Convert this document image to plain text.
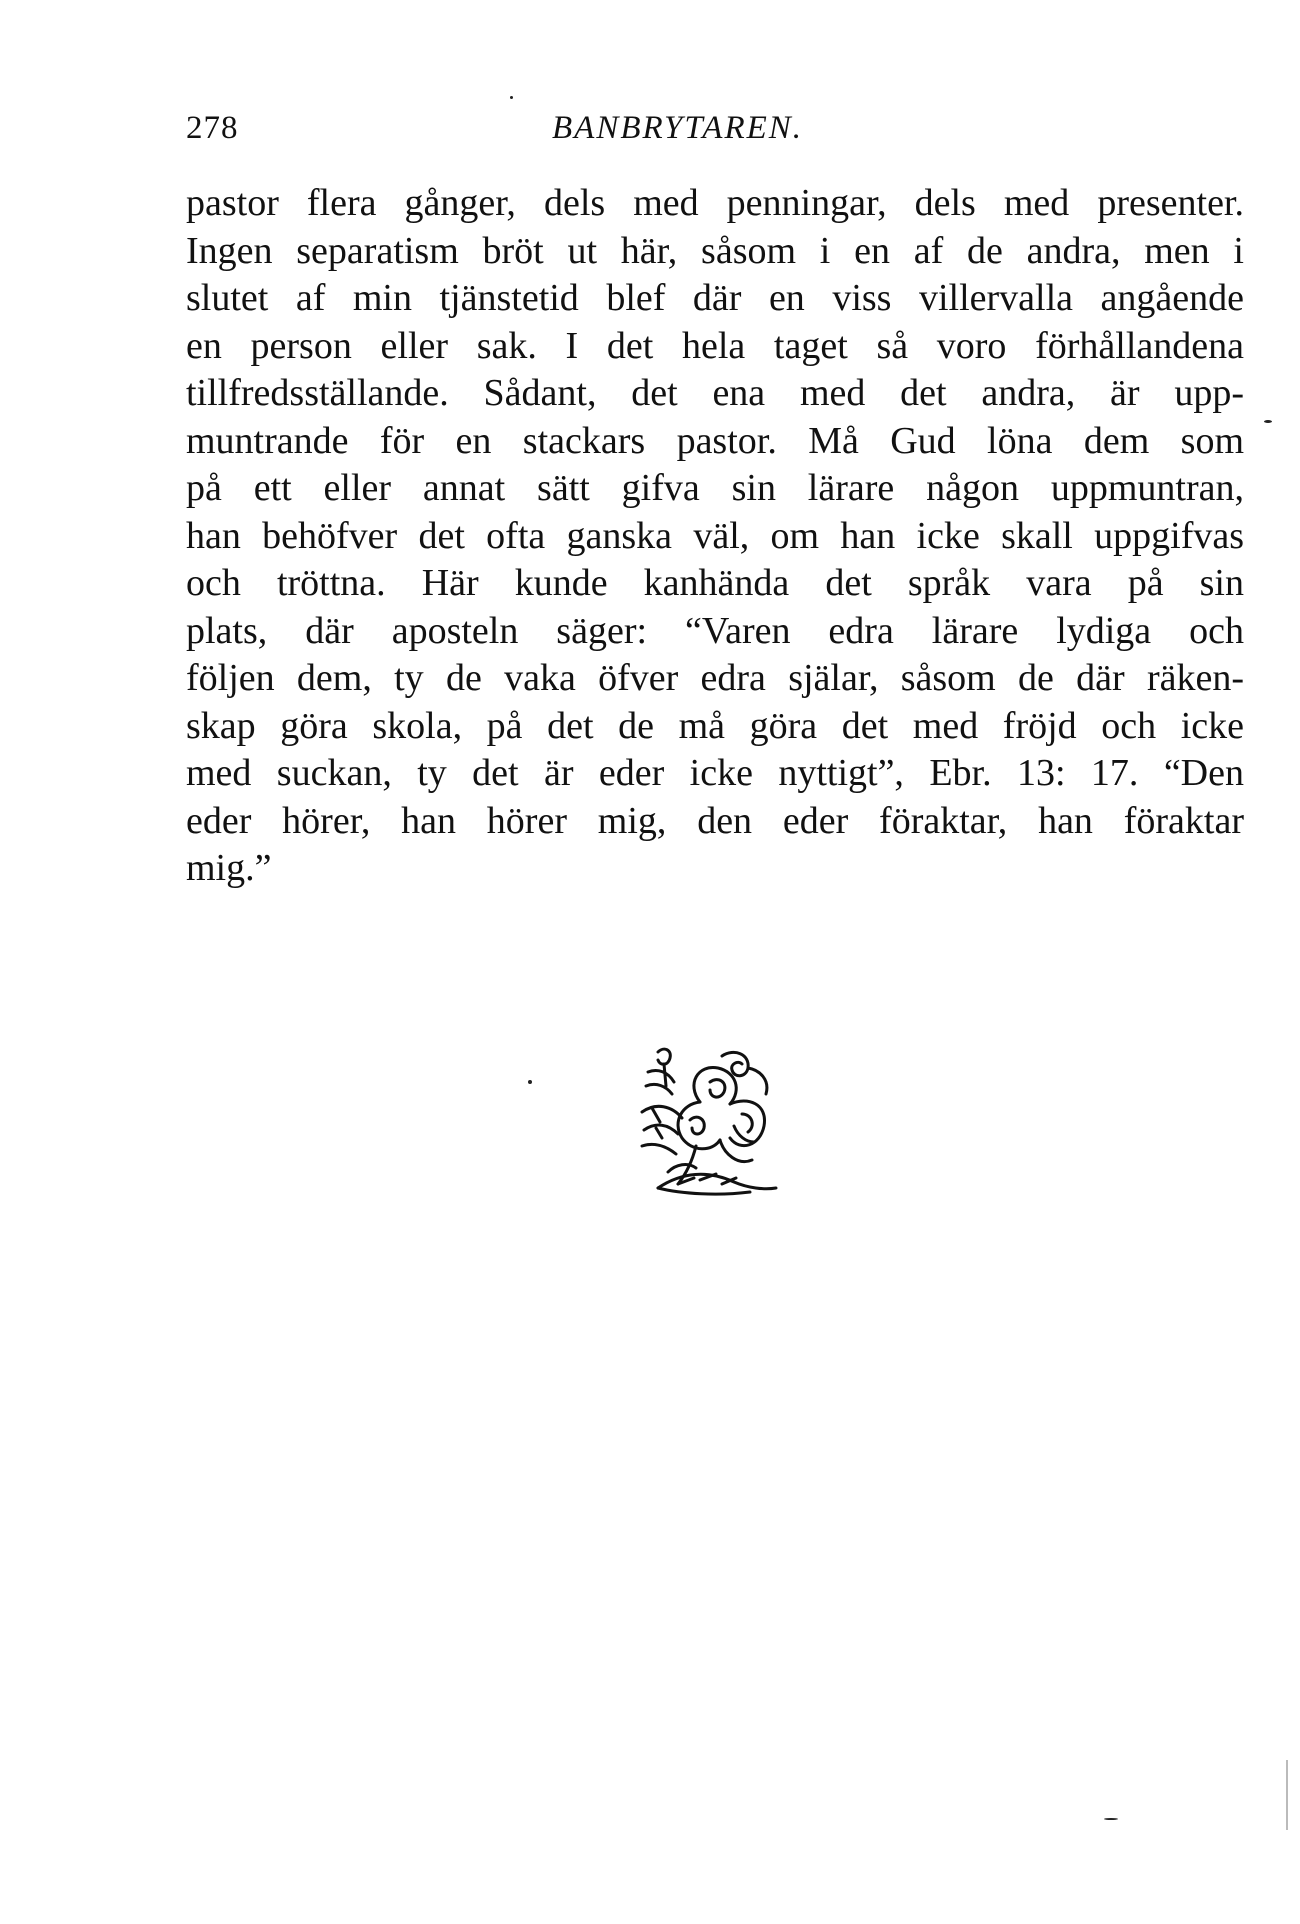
278	BANBRYTAREN.
pastor flera gånger, dels med penningar, dels med presenter.
Ingen separatism bröt ut här, såsom i en af de andra, men i
slutet af min tjänstetid blef där en viss villervalla angående
en person eller sak. I det hela taget så voro förhållandena
tillfredsställande. Sådant, det ena med det andra, är upp-
muntrande för en stackars pastor. Må Gud löna dem som
på ett eller annat sätt gifva sin lärare någon uppmuntran,
han behöfver det ofta ganska väl, om han icke skall uppgifvas
och tröttna. Här kunde kanhända det språk vara på sin
plats, där aposteln säger: “Varen edra lärare lydiga och
följen dem, ty de vaka öfver edra själar, såsom de där räken-
skap göra skola, på det de må göra det med fröjd och icke
med suckan, ty det är eder icke nyttigt”, Ebr. 13: 17. “Den
eder hörer, han hörer mig, den eder föraktar, han föraktar
mig.”
